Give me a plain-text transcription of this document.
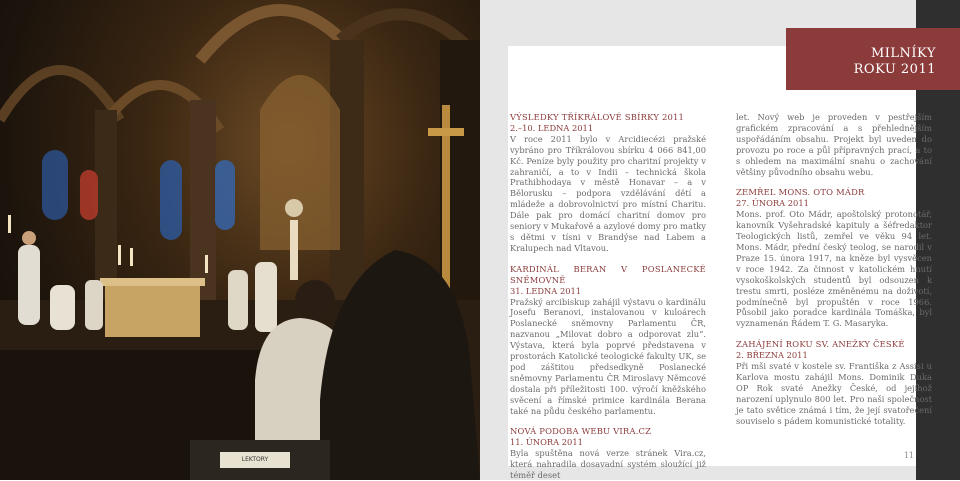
LEKTORY
MILNÍKY
ROKU 2011

VÝSLEDKY TŘÍKRÁLOVÉ SBÍRKY 2011

2.–10. LEDNA 2011

V roce 2011 bylo v Arcidiecézi pražské vybráno pro Tříkrálovou sbírku 4 066 841,00 Kč. Peníze byly použity pro charitní projekty v zahraničí, a to v Indii – technická škola Prathibhodaya v městě Honavar – a v Bělorusku – podpora vzdělávání dětí a mládeže a dobrovolnictví pro místní Charitu. Dále pak pro domácí charitní domov pro seniory v Mukařově a azylové domy pro matky s dětmi v tísni v Brandýse nad Labem a Kralupech nad Vltavou.

KARDINÁL BERAN V POSLANECKÉ SNĚMOVNĚ

31. LEDNA 2011

Pražský arcibiskup zahájil výstavu o kardinálu Josefu Beranovi, instalovanou v kuloárech Poslanecké sněmovny Parlamentu ČR, nazvanou „Milovat dobro a odporovat zlu“. Výstava, která byla poprvé představena v prostorách Katolické teologické fakulty UK, se pod záštitou předsedkyně Poslanecké sněmovny Parlamentu ČR Miroslavy Němcové dostala při příležitosti 100. výročí kněžského svěcení a římské primice kardinála Berana také na půdu českého parlamentu.

NOVÁ PODOBA WEBU VIRA.CZ

11. ÚNORA 2011

Byla spuštěna nová verze stránek Vira.cz, která nahradila dosavadní systém sloužící již téměř deset

let. Nový web je proveden v pestřejším grafickém zpracování a s přehlednějším uspořádáním obsahu. Projekt byl uveden do provozu po roce a půl přípravných prací, a to s ohledem na maximální snahu o zachování většiny původního obsahu webu.

ZEMŘEL MONS. OTO MÁDR

27. ÚNORA 2011

Mons. prof. Oto Mádr, apoštolský protonotář, kanovník Vyšehradské kapituly a šéfredaktor Teologických listů, zemřel ve věku 94 let. Mons. Mádr, přední český teolog, se narodil v Praze 15. února 1917, na kněze byl vysvěcen v roce 1942. Za činnost v katolickém hnutí vysokoškolských studentů byl odsouzen k trestu smrti, posléze změněnému na doživotí, podmínečně byl propuštěn v roce 1966. Působil jako poradce kardinála Tomáška, byl vyznamenán Řádem T. G. Masaryka.

ZAHÁJENÍ ROKU SV. ANEŽKY ČESKÉ

2. BŘEZNA 2011

Při mši svaté v kostele sv. Františka z Assisi u Karlova mostu zahájil Mons. Dominik Duka OP Rok svaté Anežky České, od jejíhož narození uplynulo 800 let. Pro naši společnost je tato světice známá i tím, že její svatořečení souviselo s pádem komunistické totality.

11
